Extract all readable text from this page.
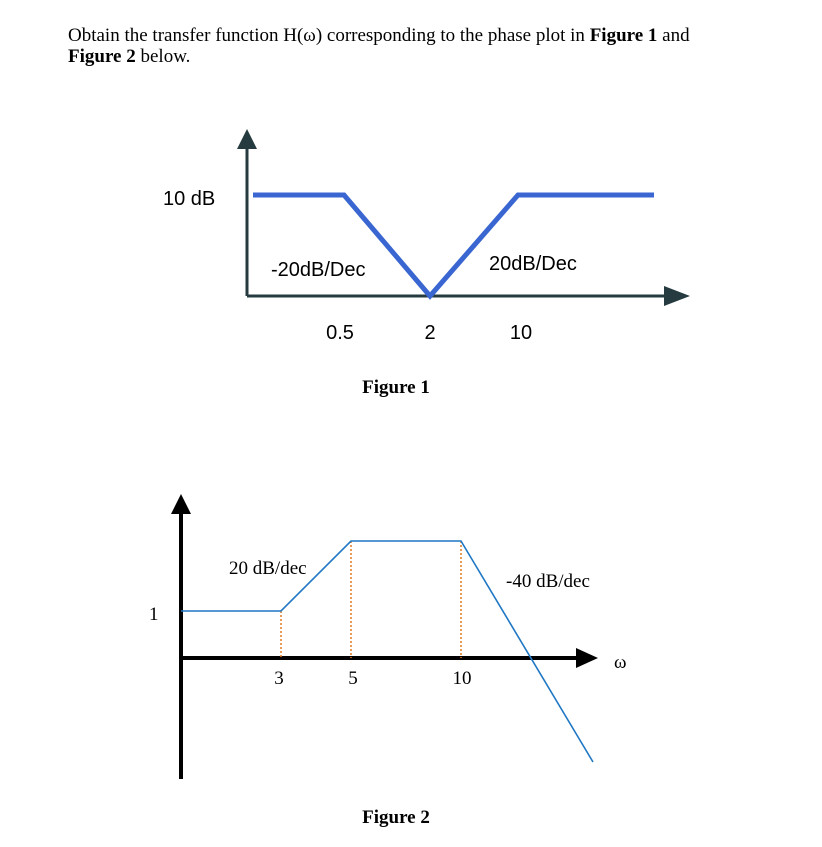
Obtain the transfer function H(ω) corresponding to the phase plot in Figure 1 and
Figure 2 below.
10 dB
-20dB/Dec	20dB/Dec
0.5	2	10
Figure 1
1
20 dB/dec
-40 dB/dec
ω
3	5	10
Figure 2
